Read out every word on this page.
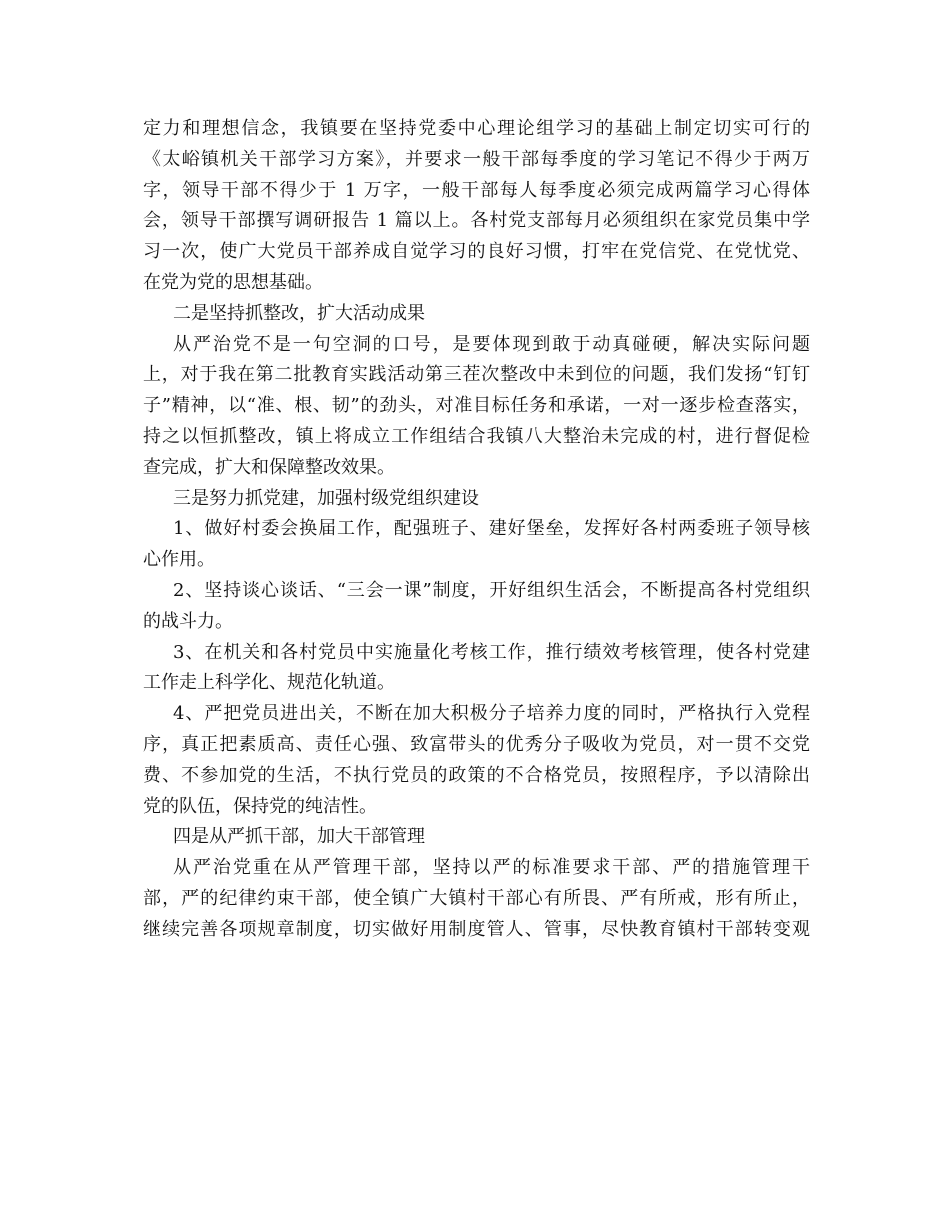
定力和理想信念，我镇要在坚持党委中心理论组学习的基础上制定切实可行的
《太峪镇机关干部学习方案》，并要求一般干部每季度的学习笔记不得少于两万
字，领导干部不得少于 1 万字，一般干部每人每季度必须完成两篇学习心得体
会，领导干部撰写调研报告 1 篇以上。各村党支部每月必须组织在家党员集中学
习一次，使广大党员干部养成自觉学习的良好习惯，打牢在党信党、在党忧党、
在党为党的思想基础。
二是坚持抓整改，扩大活动成果
从严治党不是一句空洞的口号，是要体现到敢于动真碰硬，解决实际问题
上，对于我在第二批教育实践活动第三茬次整改中未到位的问题，我们发扬“钉钉
子”精神，以“准、根、韧”的劲头，对准目标任务和承诺，一对一逐步检查落实，
持之以恒抓整改，镇上将成立工作组结合我镇八大整治未完成的村，进行督促检
查完成，扩大和保障整改效果。
三是努力抓党建，加强村级党组织建设
1、做好村委会换届工作，配强班子、建好堡垒，发挥好各村两委班子领导核
心作用。
2、坚持谈心谈话、“三会一课”制度，开好组织生活会，不断提高各村党组织
的战斗力。
3、在机关和各村党员中实施量化考核工作，推行绩效考核管理，使各村党建
工作走上科学化、规范化轨道。
4、严把党员进出关，不断在加大积极分子培养力度的同时，严格执行入党程
序，真正把素质高、责任心强、致富带头的优秀分子吸收为党员，对一贯不交党
费、不参加党的生活，不执行党员的政策的不合格党员，按照程序，予以清除出
党的队伍，保持党的纯洁性。
四是从严抓干部，加大干部管理
从严治党重在从严管理干部，坚持以严的标准要求干部、严的措施管理干
部，严的纪律约束干部，使全镇广大镇村干部心有所畏、严有所戒，形有所止，
继续完善各项规章制度，切实做好用制度管人、管事，尽快教育镇村干部转变观
